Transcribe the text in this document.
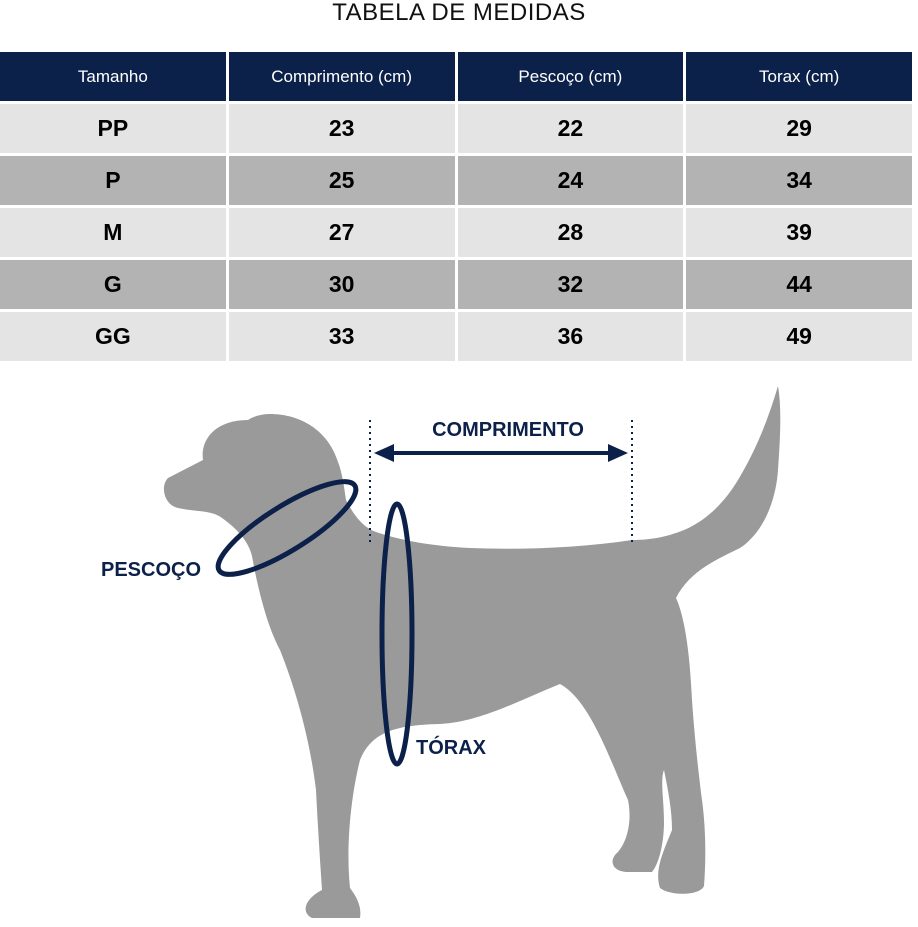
TABELA DE MEDIDAS
Tamanho	Comprimento (cm)	Pescoço (cm)	Torax (cm)
PP	23	22	29
P	25	24	34
M	27	28	39
G	30	32	44
GG	33	36	49
COMPRIMENTO
PESCOÇO
TÓRAX
